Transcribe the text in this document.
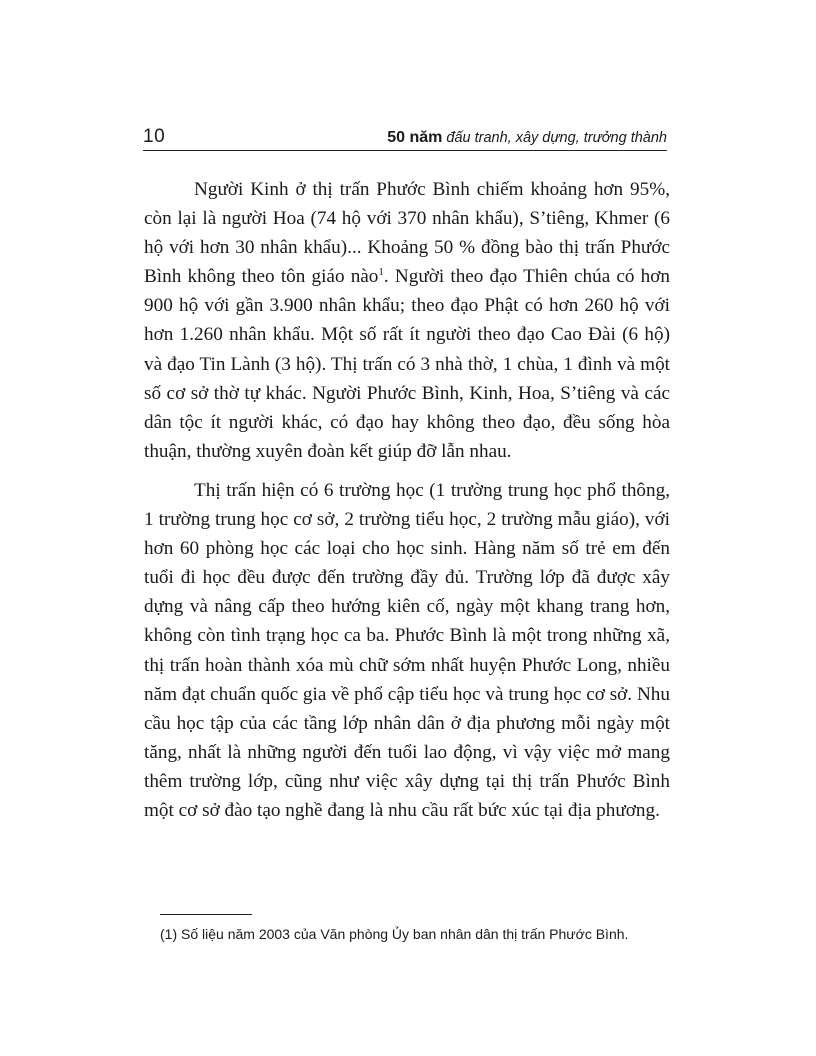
10	50 năm đấu tranh, xây dựng, trưởng thành

Người Kinh ở thị trấn Phước Bình chiếm khoảng hơn 95%, còn lại là người Hoa (74 hộ với 370 nhân khẩu), S’tiêng, Khmer (6 hộ với hơn 30 nhân khẩu)... Khoảng 50 % đồng bào thị trấn Phước Bình không theo tôn giáo nào$^1$. Người theo đạo Thiên chúa có hơn 900 hộ với gần 3.900 nhân khẩu; theo đạo Phật có hơn 260 hộ với hơn 1.260 nhân khẩu. Một số rất ít người theo đạo Cao Đài (6 hộ) và đạo Tin Lành (3 hộ). Thị trấn có 3 nhà thờ, 1 chùa, 1 đình và một số cơ sở thờ tự khác. Người Phước Bình, Kinh, Hoa, S’tiêng và các dân tộc ít người khác, có đạo hay không theo đạo, đều sống hòa thuận, thường xuyên đoàn kết giúp đỡ lẫn nhau.

Thị trấn hiện có 6 trường học (1 trường trung học phổ thông, 1 trường trung học cơ sở, 2 trường tiểu học, 2 trường mẫu giáo), với hơn 60 phòng học các loại cho học sinh. Hàng năm số trẻ em đến tuổi đi học đều được đến trường đầy đủ. Trường lớp đã được xây dựng và nâng cấp theo hướng kiên cố, ngày một khang trang hơn, không còn tình trạng học ca ba. Phước Bình là một trong những xã, thị trấn hoàn thành xóa mù chữ sớm nhất huyện Phước Long, nhiều năm đạt chuẩn quốc gia về phổ cập tiểu học và trung học cơ sở. Nhu cầu học tập của các tầng lớp nhân dân ở địa phương mỗi ngày một tăng, nhất là những người đến tuổi lao động, vì vậy việc mở mang thêm trường lớp, cũng như việc xây dựng tại thị trấn Phước Bình một cơ sở đào tạo nghề đang là nhu cầu rất bức xúc tại địa phương.

(1) Số liệu năm 2003 của Văn phòng Ủy ban nhân dân thị trấn Phước Bình.
